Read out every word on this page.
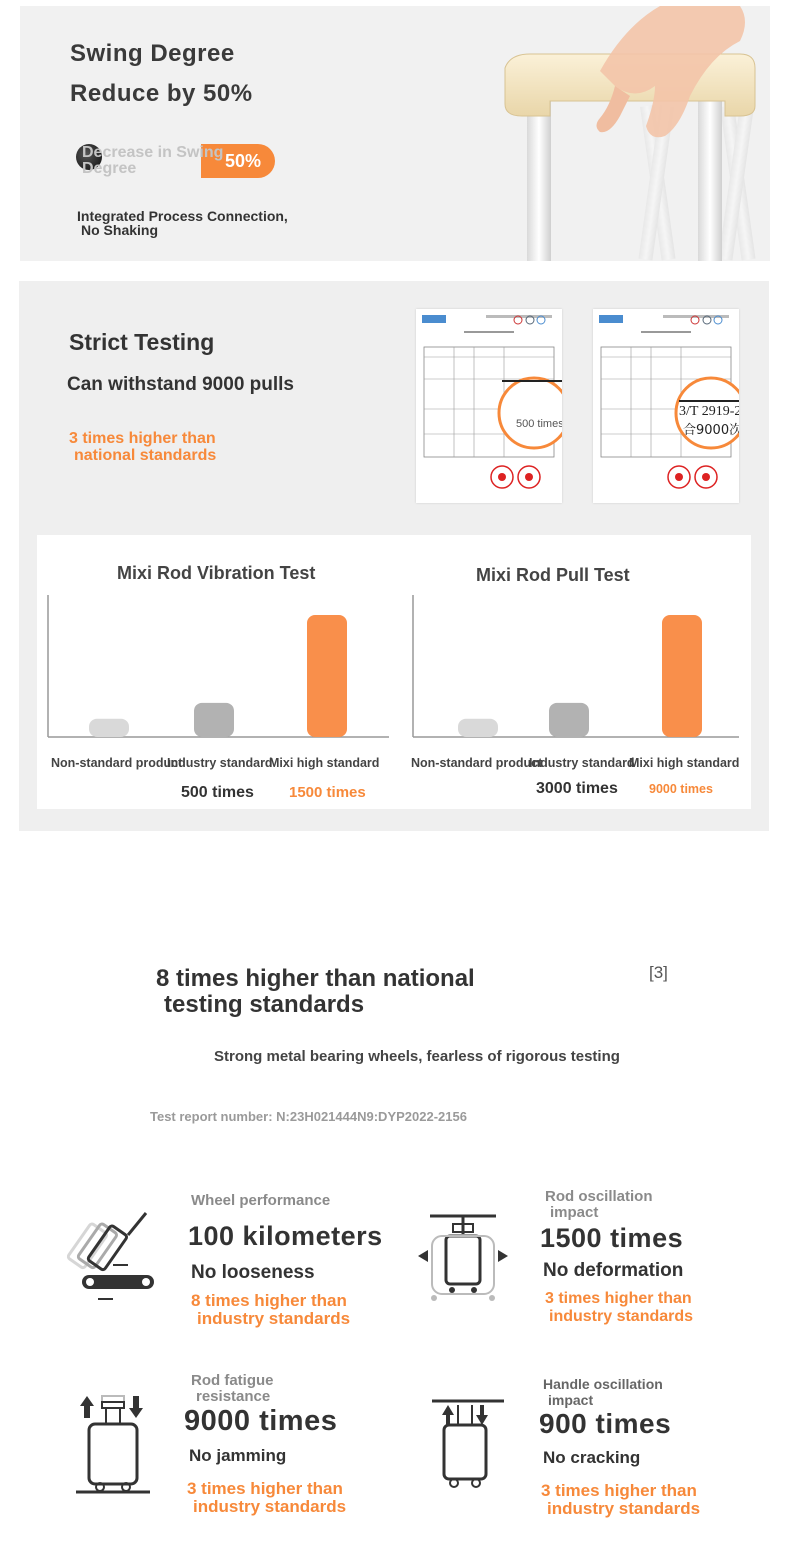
Swing Degree
Reduce by 50%
50%
Decrease in Swing Degree
Integrated Process Connection,
No Shaking
Strict Testing
Can withstand 9000 pulls
3 times higher than
national standards
500 times
3/T 2919-2
合9000次
Mixi Rod Vibration Test
Non-standard product
Industry standard
500 times
Mixi high standard
1500 times
Mixi Rod Pull Test
Non-standard product
Industry standard
3000 times
Mixi high standard
9000 times
8 times higher than national
testing standards
[3]
Strong metal bearing wheels, fearless of rigorous testing
Test report number: N:23H021444N9:DYP2022-2156
Wheel performance
100 kilometers
No looseness
8 times higher than
industry standards
Rod oscillation
impact
1500 times
No deformation
3 times higher than
industry standards
Rod fatigue
resistance
9000 times
No jamming
3 times higher than
industry standards
Handle oscillation
impact
900 times
No cracking
3 times higher than
industry standards
